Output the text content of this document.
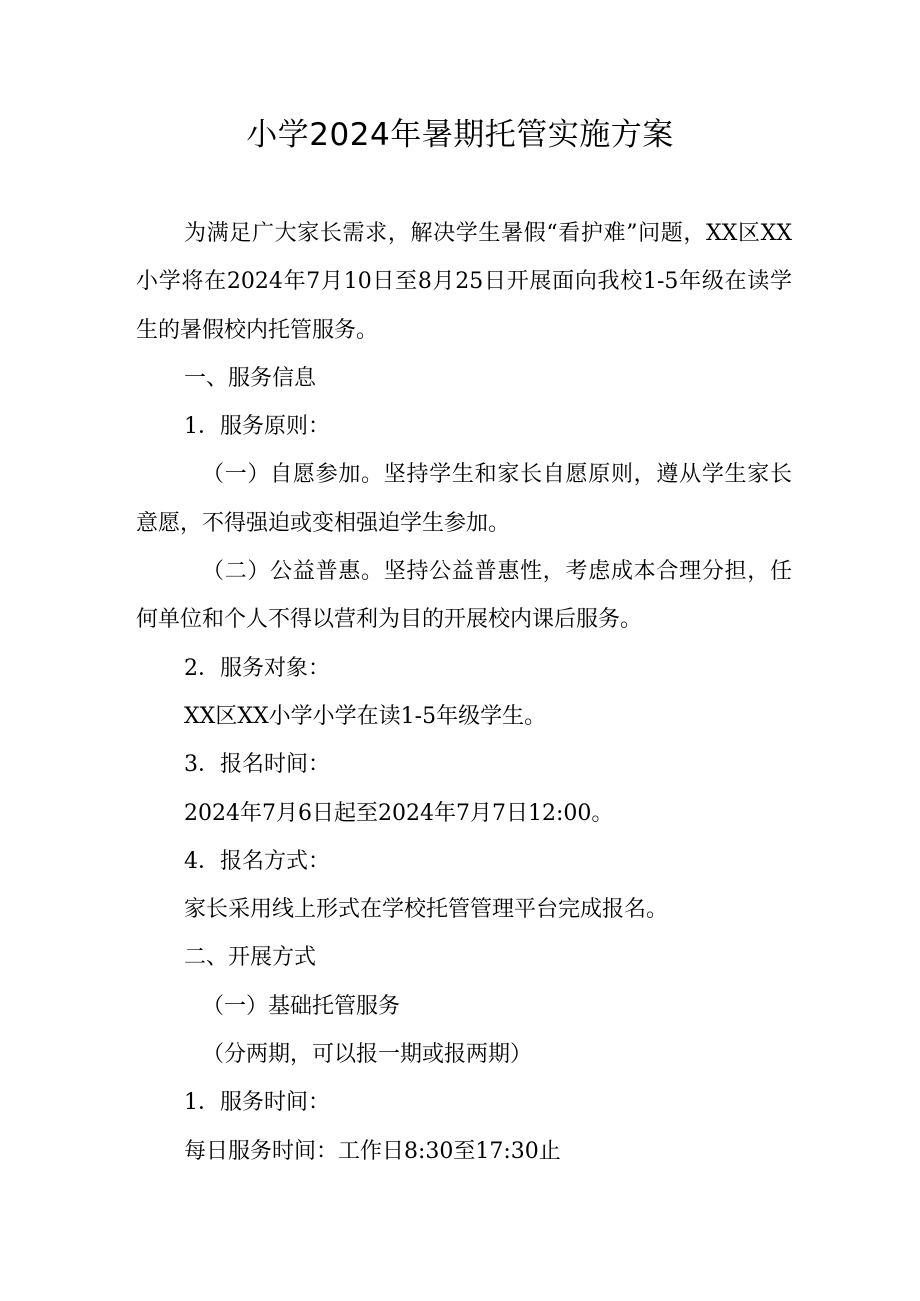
小学2024年暑期托管实施方案

为满足广大家长需求，解决学生暑假“看护难”问题，XX区XX小学将在2024年7月10日至8月25日开展面向我校1-5年级在读学生的暑假校内托管服务。

一、服务信息

1．服务原则：

（一）自愿参加。坚持学生和家长自愿原则，遵从学生家长意愿，不得强迫或变相强迫学生参加。

（二）公益普惠。坚持公益普惠性，考虑成本合理分担，任何单位和个人不得以营利为目的开展校内课后服务。

2．服务对象：

XX区XX小学小学在读1-5年级学生。

3．报名时间：

2024年7月6日起至2024年7月7日12:00。

4．报名方式：

家长采用线上形式在学校托管管理平台完成报名。

二、开展方式

（一）基础托管服务

（分两期，可以报一期或报两期）

1．服务时间：

每日服务时间：工作日8:30至17:30止
